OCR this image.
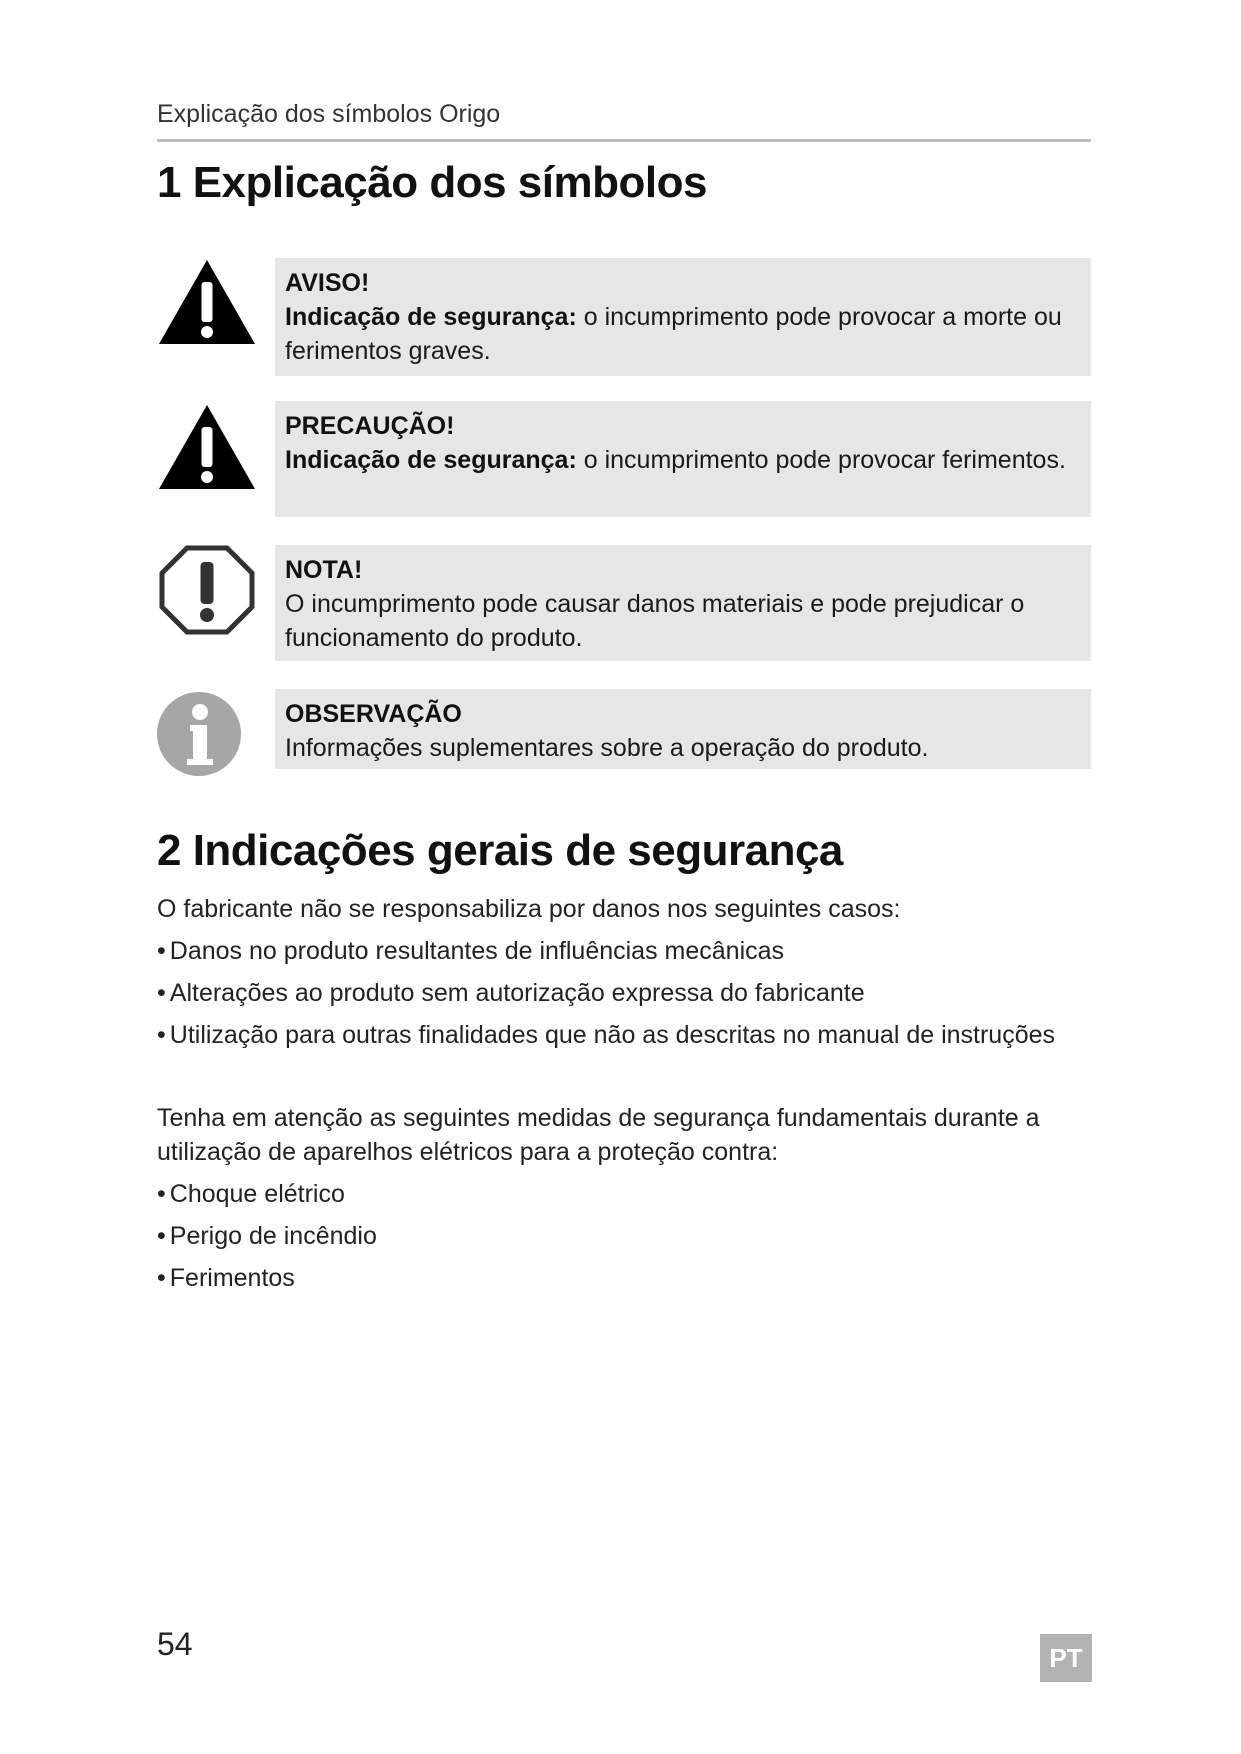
Explicação dos símbolos Origo
1 Explicação dos símbolos
AVISO!
Indicação de segurança: o incumprimento pode provocar a morte ou ferimentos graves.
PRECAUÇÃO!
Indicação de segurança: o incumprimento pode provocar ferimentos.
NOTA!
O incumprimento pode causar danos materiais e pode prejudicar o funcionamento do produto.
OBSERVAÇÃO
Informações suplementares sobre a operação do produto.
2 Indicações gerais de segurança
O fabricante não se responsabiliza por danos nos seguintes casos:
• Danos no produto resultantes de influências mecânicas
• Alterações ao produto sem autorização expressa do fabricante
• Utilização para outras finalidades que não as descritas no manual de instruções
Tenha em atenção as seguintes medidas de segurança fundamentais durante a utilização de aparelhos elétricos para a proteção contra:
• Choque elétrico
• Perigo de incêndio
• Ferimentos
54	PT
